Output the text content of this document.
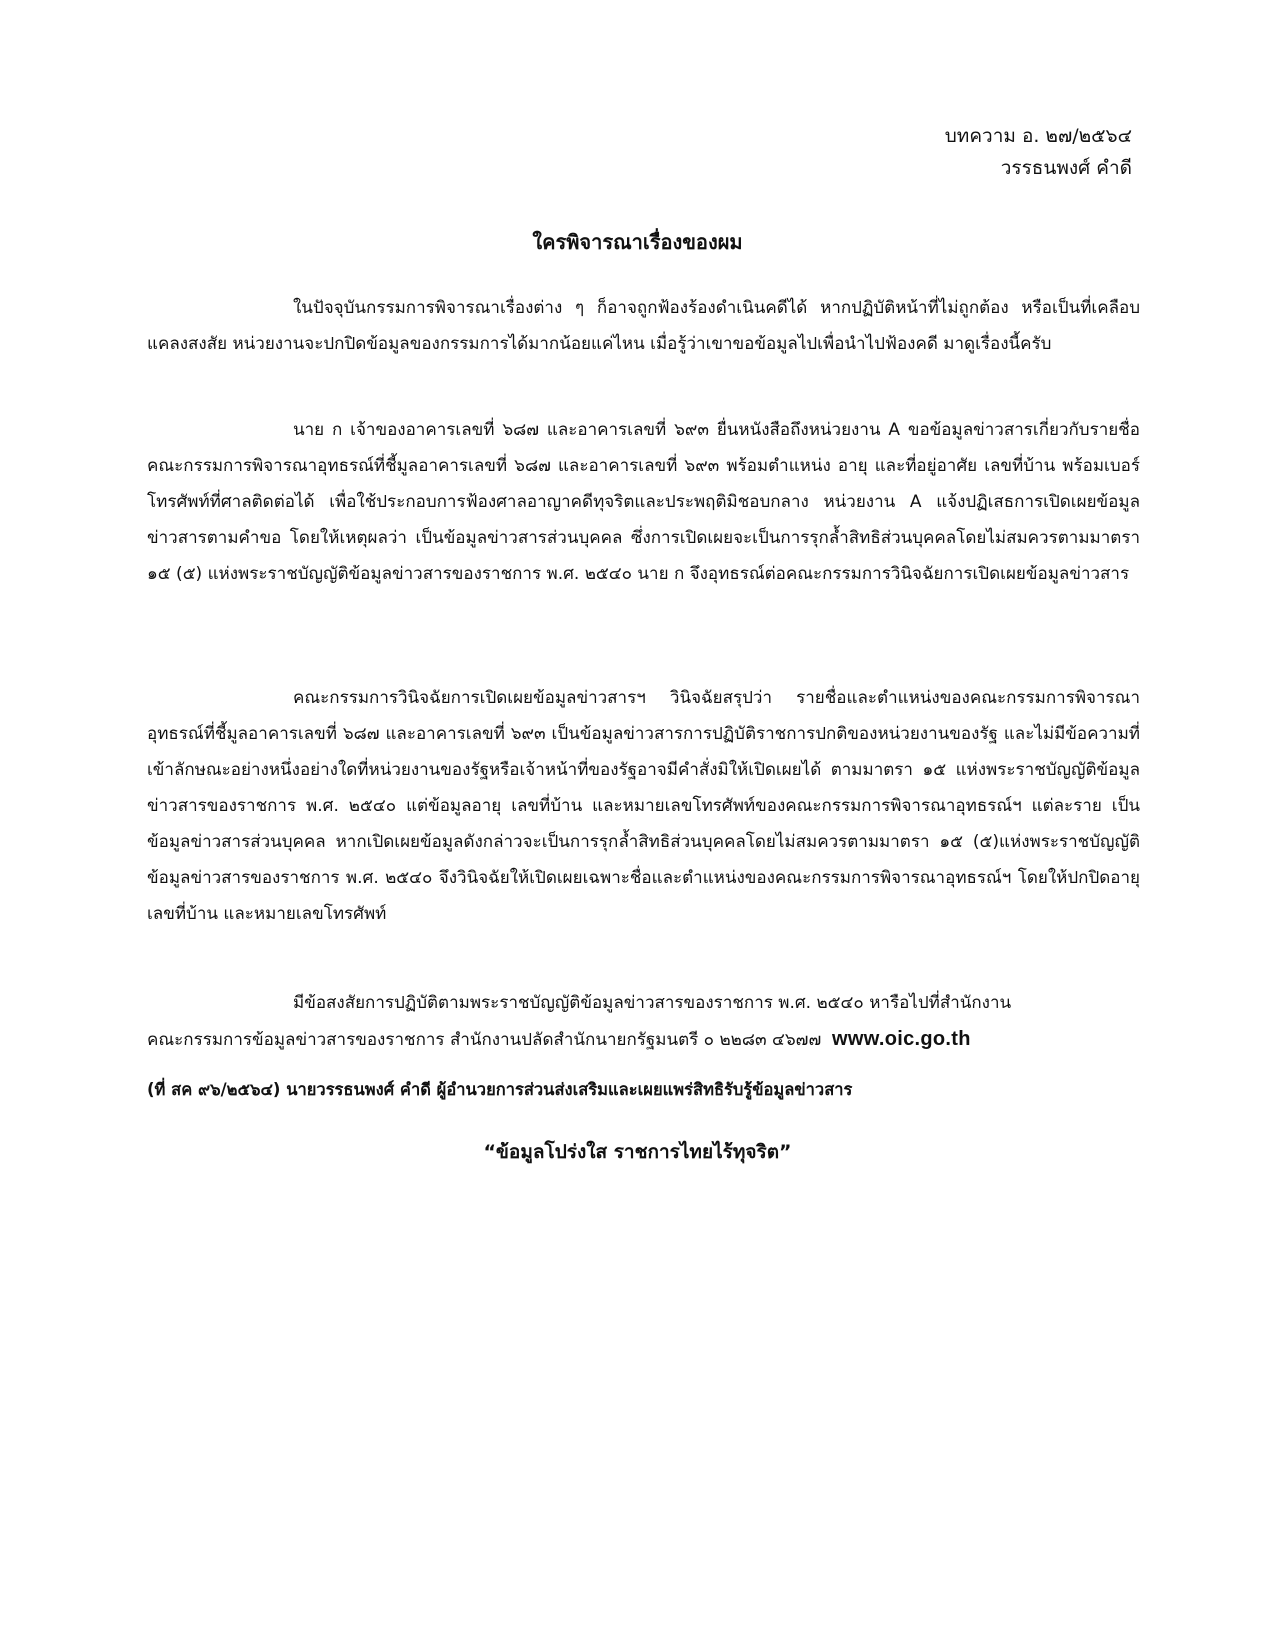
บทความ อ. ๒๗/๒๕๖๔
วรรธนพงศ์ คำดี
ใครพิจารณาเรื่องของผม

ในปัจจุบันกรรมการพิจารณาเรื่องต่าง ๆ ก็อาจถูกฟ้องร้องดำเนินคดีได้ หากปฏิบัติหน้าที่ไม่ถูกต้อง หรือเป็นที่เคลือบแคลงสงสัย หน่วยงานจะปกปิดข้อมูลของกรรมการได้มากน้อยแค่ไหน เมื่อรู้ว่าเขาขอข้อมูลไปเพื่อนำไปฟ้องคดี มาดูเรื่องนี้ครับ

นาย ก เจ้าของอาคารเลขที่ ๖๘๗ และอาคารเลขที่ ๖๙๓ ยื่นหนังสือถึงหน่วยงาน A ขอข้อมูลข่าวสารเกี่ยวกับรายชื่อคณะกรรมการพิจารณาอุทธรณ์ที่ชี้มูลอาคารเลขที่ ๖๘๗ และอาคารเลขที่ ๖๙๓ พร้อมตำแหน่ง อายุ และที่อยู่อาศัย เลขที่บ้าน พร้อมเบอร์โทรศัพท์ที่ศาลติดต่อได้ เพื่อใช้ประกอบการฟ้องศาลอาญาคดีทุจริตและประพฤติมิชอบกลาง หน่วยงาน A แจ้งปฏิเสธการเปิดเผยข้อมูลข่าวสารตามคำขอ โดยให้เหตุผลว่า เป็นข้อมูลข่าวสารส่วนบุคคล ซึ่งการเปิดเผยจะเป็นการรุกล้ำสิทธิส่วนบุคคลโดยไม่สมควรตามมาตรา ๑๕ (๕) แห่งพระราชบัญญัติข้อมูลข่าวสารของราชการ พ.ศ. ๒๕๔๐ นาย ก จึงอุทธรณ์ต่อคณะกรรมการวินิจฉัยการเปิดเผยข้อมูลข่าวสาร

คณะกรรมการวินิจฉัยการเปิดเผยข้อมูลข่าวสารฯ วินิจฉัยสรุปว่า รายชื่อและตำแหน่งของคณะกรรมการพิจารณาอุทธรณ์ที่ชี้มูลอาคารเลขที่ ๖๘๗ และอาคารเลขที่ ๖๙๓ เป็นข้อมูลข่าวสารการปฏิบัติราชการปกติของหน่วยงานของรัฐ และไม่มีข้อความที่เข้าลักษณะอย่างหนึ่งอย่างใดที่หน่วยงานของรัฐหรือเจ้าหน้าที่ของรัฐอาจมีคำสั่งมิให้เปิดเผยได้ ตามมาตรา ๑๕ แห่งพระราชบัญญัติข้อมูลข่าวสารของราชการ พ.ศ. ๒๕๔๐ แต่ข้อมูลอายุ เลขที่บ้าน และหมายเลขโทรศัพท์ของคณะกรรมการพิจารณาอุทธรณ์ฯ แต่ละราย เป็นข้อมูลข่าวสารส่วนบุคคล หากเปิดเผยข้อมูลดังกล่าวจะเป็นการรุกล้ำสิทธิส่วนบุคคลโดยไม่สมควรตามมาตรา ๑๕ (๕)แห่งพระราชบัญญัติข้อมูลข่าวสารของราชการ พ.ศ. ๒๕๔๐ จึงวินิจฉัยให้เปิดเผยเฉพาะชื่อและตำแหน่งของคณะกรรมการพิจารณาอุทธรณ์ฯ โดยให้ปกปิดอายุ เลขที่บ้าน และหมายเลขโทรศัพท์

มีข้อสงสัยการปฏิบัติตามพระราชบัญญัติข้อมูลข่าวสารของราชการ พ.ศ. ๒๕๔๐ หารือไปที่สำนักงาน
คณะกรรมการข้อมูลข่าวสารของราชการ สำนักงานปลัดสำนักนายกรัฐมนตรี ๐ ๒๒๘๓ ๔๖๗๗ www.oic.go.th

(ที่ สค ๙๖/๒๕๖๔) นายวรรธนพงศ์ คำดี ผู้อำนวยการส่วนส่งเสริมและเผยแพร่สิทธิรับรู้ข้อมูลข่าวสาร
“ข้อมูลโปร่งใส ราชการไทยไร้ทุจริต”
